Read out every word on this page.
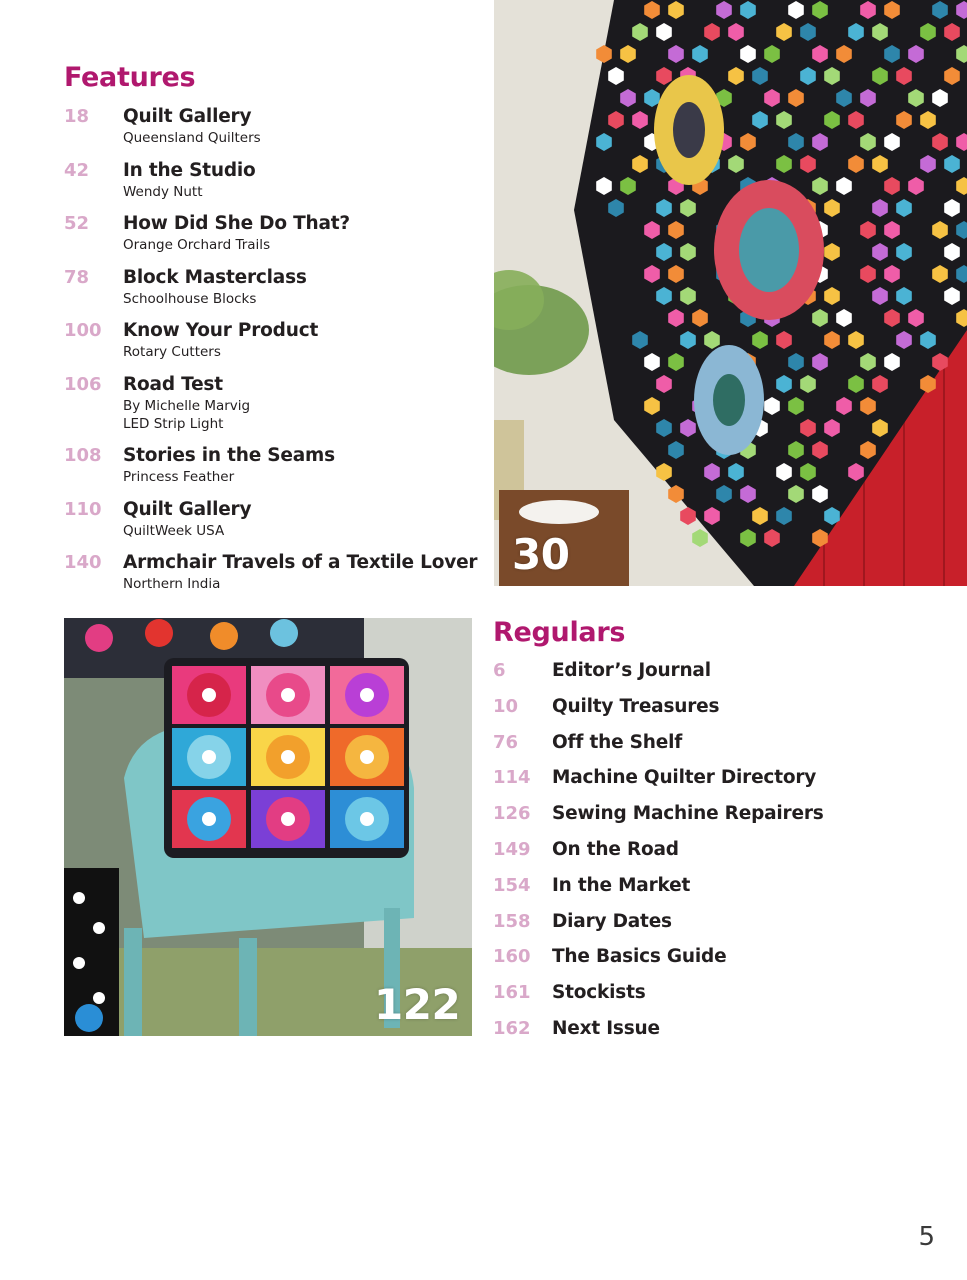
Features
18 Quilt Gallery
Queensland Quilters
42 In the Studio
Wendy Nutt
52 How Did She Do That?
Orange Orchard Trails
78 Block Masterclass
Schoolhouse Blocks
100 Know Your Product
Rotary Cutters
106 Road Test
By Michelle Marvig
LED Strip Light
108 Stories in the Seams
Princess Feather
110 Quilt Gallery
QuiltWeek USA
140 Armchair Travels of a Textile Lover
Northern India
30
122
Regulars
6	Editor’s Journal
10 Quilty Treasures
76 Off the Shelf
114 Machine Quilter Directory
126 Sewing Machine Repairers
149 On the Road
154 In the Market
158 Diary Dates
160 The Basics Guide
161 Stockists
162 Next Issue
5
